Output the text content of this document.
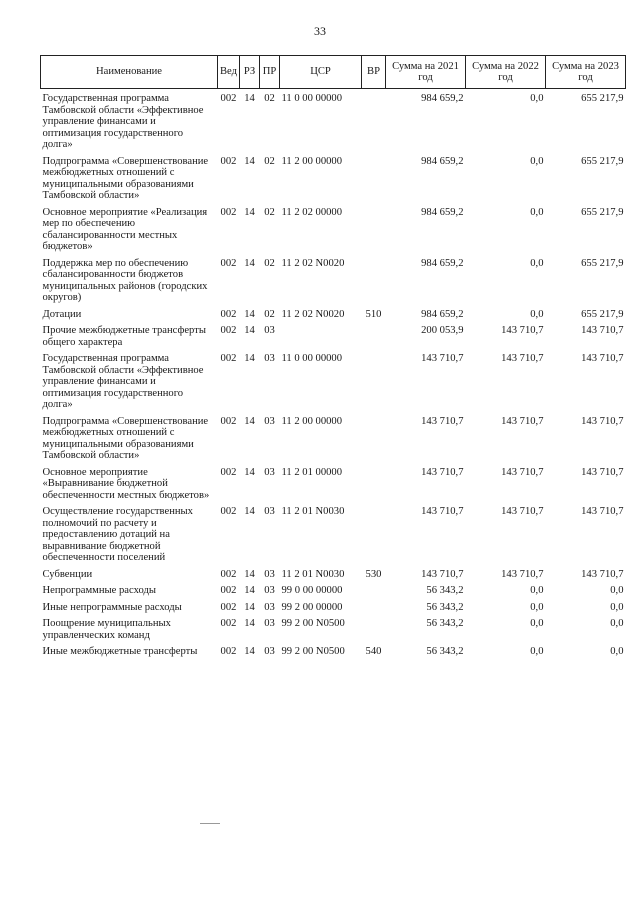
33
Наименование	Вед	РЗ	ПР	ЦСР	ВР	Сумма на 2021 год	Сумма на 2022 год	Сумма на 2023 год
Государственная программа Тамбовской области «Эффективное управление финансами и оптимизация государственного долга»	002	14	02	11 0 00 00000		984 659,2	0,0	655 217,9
Подпрограмма «Совершенствование межбюджетных отношений с муниципальными образованиями Тамбовской области»	002	14	02	11 2 00 00000		984 659,2	0,0	655 217,9
Основное мероприятие «Реализация мер по обеспечению сбалансированности местных бюджетов»	002	14	02	11 2 02 00000		984 659,2	0,0	655 217,9
Поддержка мер по обеспечению сбалансированности бюджетов муниципальных районов (городских округов)	002	14	02	11 2 02 N0020		984 659,2	0,0	655 217,9
Дотации	002	14	02	11 2 02 N0020	510	984 659,2	0,0	655 217,9
Прочие межбюджетные трансферты общего характера	002	14	03			200 053,9	143 710,7	143 710,7
Государственная программа Тамбовской области «Эффективное управление финансами и оптимизация государственного долга»	002	14	03	11 0 00 00000		143 710,7	143 710,7	143 710,7
Подпрограмма «Совершенствование межбюджетных отношений с муниципальными образованиями Тамбовской области»	002	14	03	11 2 00 00000		143 710,7	143 710,7	143 710,7
Основное мероприятие «Выравнивание бюджетной обеспеченности местных бюджетов»	002	14	03	11 2 01 00000		143 710,7	143 710,7	143 710,7
Осуществление государственных полномочий по расчету и предоставлению дотаций на выравнивание бюджетной обеспеченности поселений	002	14	03	11 2 01 N0030		143 710,7	143 710,7	143 710,7
Субвенции	002	14	03	11 2 01 N0030	530	143 710,7	143 710,7	143 710,7
Непрограммные расходы	002	14	03	99 0 00 00000		56 343,2	0,0	0,0
Иные непрограммные расходы	002	14	03	99 2 00 00000		56 343,2	0,0	0,0
Поощрение муниципальных управленческих команд	002	14	03	99 2 00 N0500		56 343,2	0,0	0,0
Иные межбюджетные трансферты	002	14	03	99 2 00 N0500	540	56 343,2	0,0	0,0
